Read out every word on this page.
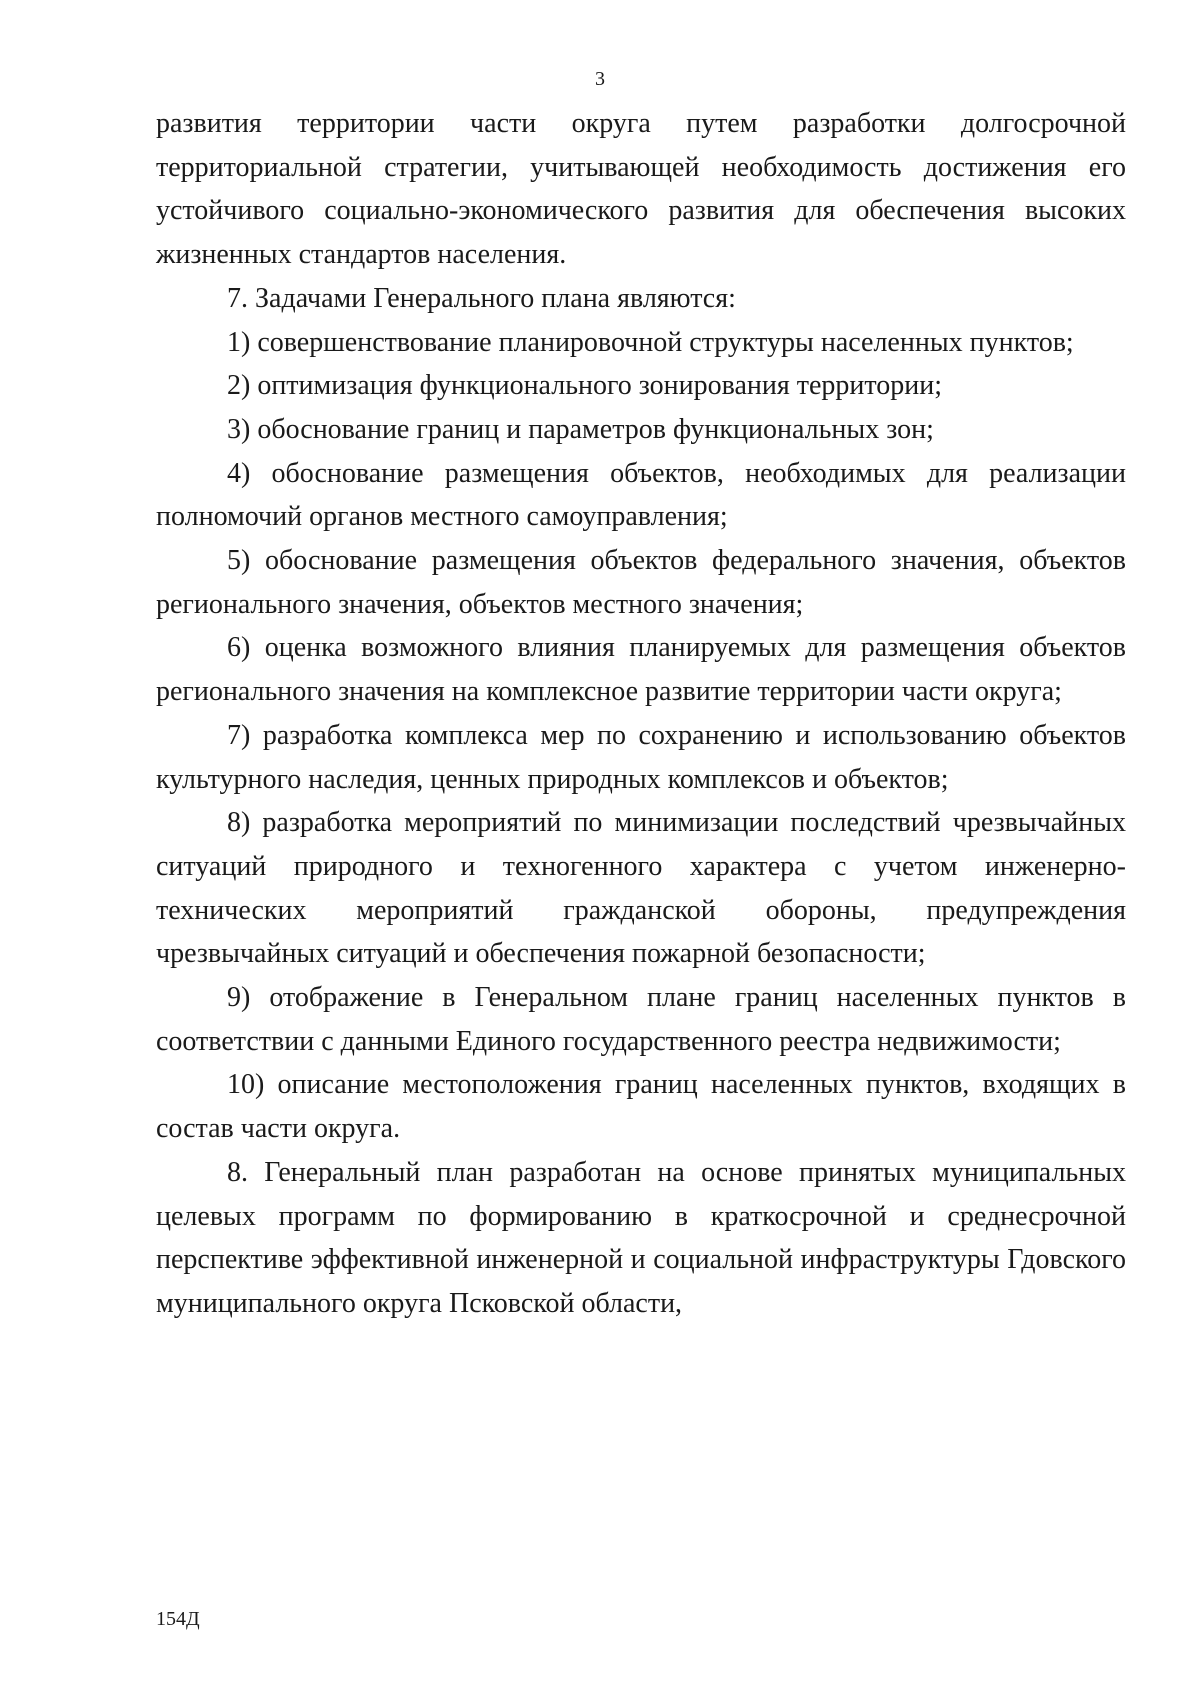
3

развития территории части округа путем разработки долгосрочной территориальной стратегии, учитывающей необходимость достижения его устойчивого социально-экономического развития для обеспечения высоких жизненных стандартов населения.

7. Задачами Генерального плана являются:

1) совершенствование планировочной структуры населенных пунктов;

2) оптимизация функционального зонирования территории;

3) обоснование границ и параметров функциональных зон;

4) обоснование размещения объектов, необходимых для реализации полномочий органов местного самоуправления;

5) обоснование размещения объектов федерального значения, объектов регионального значения, объектов местного значения;

6) оценка возможного влияния планируемых для размещения объектов регионального значения на комплексное развитие территории части округа;

7) разработка комплекса мер по сохранению и использованию объектов культурного наследия, ценных природных комплексов и объектов;

8) разработка мероприятий по минимизации последствий чрезвычайных ситуаций природного и техногенного характера с учетом инженерно-технических мероприятий гражданской обороны, предупреждения чрезвычайных ситуаций и обеспечения пожарной безопасности;

9) отображение в Генеральном плане границ населенных пунктов в соответствии с данными Единого государственного реестра недвижимости;

10) описание местоположения границ населенных пунктов, входящих в состав части округа.

8. Генеральный план разработан на основе принятых муниципальных целевых программ по формированию в краткосрочной и среднесрочной перспективе эффективной инженерной и социальной инфраструктуры Гдовского муниципального округа Псковской области,

154Д
